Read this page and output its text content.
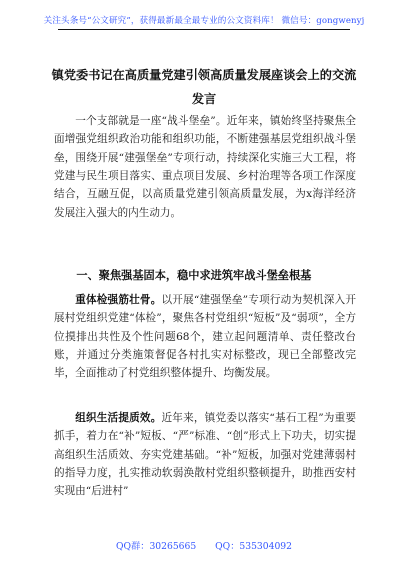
关注头条号“公文研究”，获得最新最全最专业的公文资料库！ 微信号：gongwenyj
镇党委书记在高质量党建引领高质量发展座谈会上的交流
发言

一个支部就是一座“战斗堡垒”。近年来，镇始终坚持聚焦全面增强党组织政治功能和组织功能，不断建强基层党组织战斗堡垒，围绕开展“建强堡垒”专项行动，持续深化实施三大工程，将党建与民生项目落实、重点项目发展、乡村治理等各项工作深度结合，互融互促，以高质量党建引领高质量发展，为x海洋经济发展注入强大的内生动力。

一、聚焦强基固本，稳中求进筑牢战斗堡垒根基

重体检强筋壮骨。以开展“建强堡垒”专项行动为契机深入开展村党组织党建“体检”，聚焦各村党组织“短板”及“弱项”，全方位摸排出共性及个性问题68个，建立起问题清单、责任整改台账，并通过分类施策督促各村扎实对标整改，现已全部整改完毕，全面推动了村党组织整体提升、均衡发展。

组织生活提质效。近年来，镇党委以落实“基石工程”为重要抓手，着力在“补”短板、“严”标准、“创”形式上下功夫，切实提高组织生活质效、夯实党建基础。“补”短板，加强对党建薄弱村的指导力度，扎实推动软弱涣散村党组织整顿提升，助推西安村实现由“后进村”

QQ群：30265665 QQ：535304092
